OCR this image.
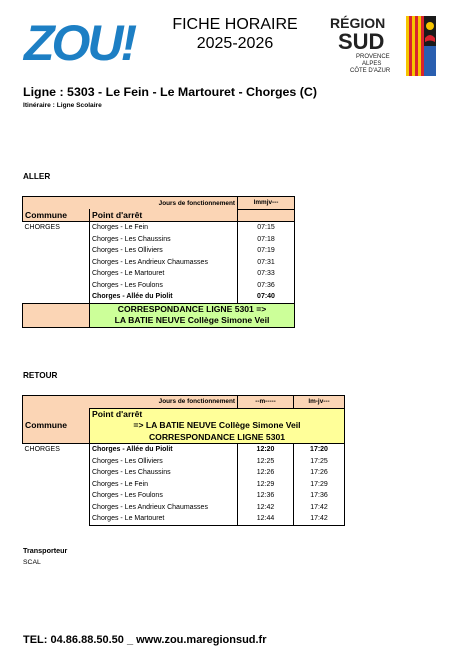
ZOU!	FICHE HORAIRE
2025-2026
RÉGION
SUD
PROVENCE
ALPES
CÔTE D'AZUR
Ligne : 5303 - Le Fein - Le Martouret - Chorges (C)
Itinéraire : Ligne Scolaire
ALLER
	Jours de fonctionnement	lmmjv---
Commune	Point d'arrêt	
CHORGES	Chorges - Le Fein	07:15
	Chorges - Les Chaussins	07:18
	Chorges - Les Olliviers	07:19
	Chorges - Les Andrieux Chaumasses	07:31
	Chorges - Le Martouret	07:33
	Chorges - Les Foulons	07:36
	Chorges - Allée du Piolit	07:40
	CORRESPONDANCE LIGNE 5301 =>	
	LA BATIE NEUVE Collège Simone Veil	
RETOUR
	Jours de fonctionnement	--m-----	lm-jv---
	Point d'arrêt		
Commune	=> LA BATIE NEUVE Collège Simone Veil		
	CORRESPONDANCE LIGNE 5301		
CHORGES	Chorges - Allée du Piolit	12:20	17:20
	Chorges - Les Olliviers	12:25	17:25
	Chorges - Les Chaussins	12:26	17:26
	Chorges - Le Fein	12:29	17:29
	Chorges - Les Foulons	12:36	17:36
	Chorges - Les Andrieux Chaumasses	12:42	17:42
	Chorges - Le Martouret	12:44	17:42
Transporteur
SCAL
TEL: 04.86.88.50.50 _ www.zou.maregionsud.fr
